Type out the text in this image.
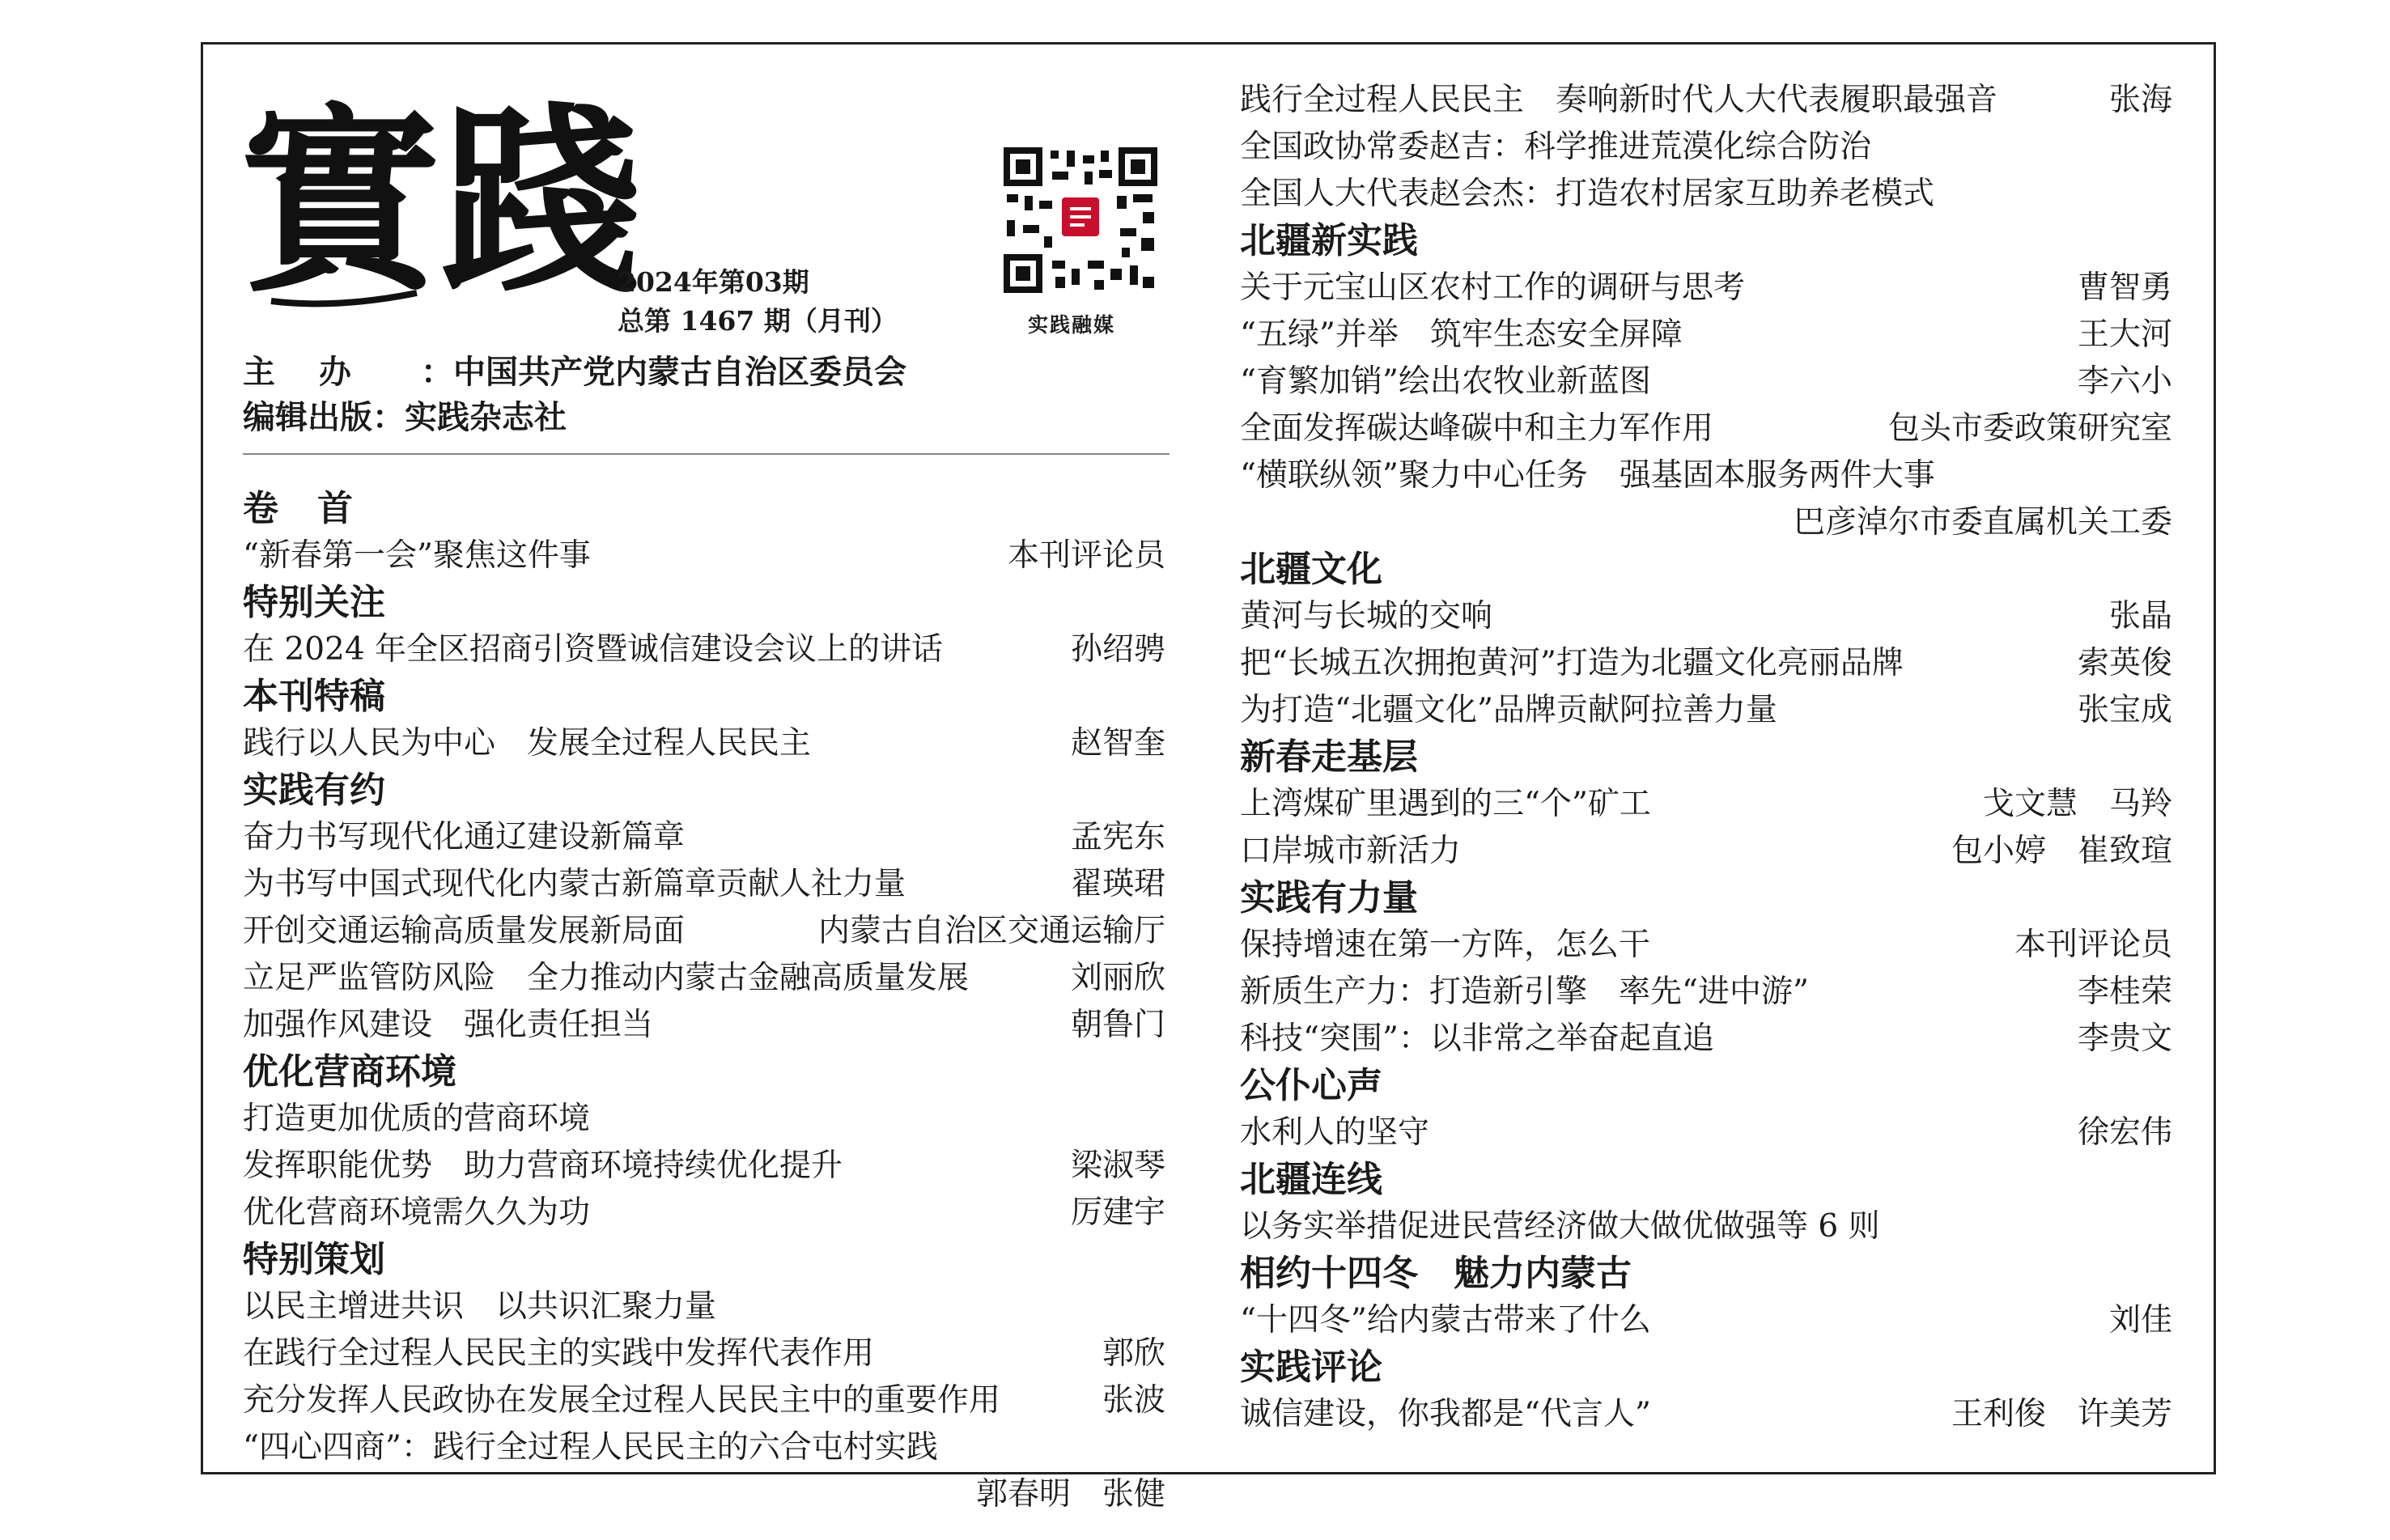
實踐
2024年第03期
总第 1467 期（月刊）	实践融媒
主办 ：中国共产党内蒙古自治区委员会
编辑出版：实践杂志社
卷首
“新春第一会”聚焦这件事	本刊评论员
特别关注
在 2024 年全区招商引资暨诚信建设会议上的讲话	孙绍骋
本刊特稿
践行以人民为中心　发展全过程人民民主	赵智奎
实践有约
奋力书写现代化通辽建设新篇章	孟宪东
为书写中国式现代化内蒙古新篇章贡献人社力量	翟瑛珺
开创交通运输高质量发展新局面	内蒙古自治区交通运输厅
立足严监管防风险　全力推动内蒙古金融高质量发展	刘丽欣
加强作风建设　强化责任担当	朝鲁门
优化营商环境
打造更加优质的营商环境
发挥职能优势　助力营商环境持续优化提升	梁淑琴
优化营商环境需久久为功	厉建宇
特别策划
以民主增进共识　以共识汇聚力量
在践行全过程人民民主的实践中发挥代表作用	郭欣
充分发挥人民政协在发展全过程人民民主中的重要作用	张波
“四心四商”：践行全过程人民民主的六合屯村实践
郭春明　张健
践行全过程人民民主　奏响新时代人大代表履职最强音	张海
全国政协常委赵吉：科学推进荒漠化综合防治
全国人大代表赵会杰：打造农村居家互助养老模式
北疆新实践
关于元宝山区农村工作的调研与思考	曹智勇
“五绿”并举　筑牢生态安全屏障	王大河
“育繁加销”绘出农牧业新蓝图	李六小
全面发挥碳达峰碳中和主力军作用	包头市委政策研究室
“横联纵领”聚力中心任务　强基固本服务两件大事
巴彦淖尔市委直属机关工委
北疆文化
黄河与长城的交响	张晶
把“长城五次拥抱黄河”打造为北疆文化亮丽品牌	索英俊
为打造“北疆文化”品牌贡献阿拉善力量	张宝成
新春走基层
上湾煤矿里遇到的三“个”矿工	戈文慧　马羚
口岸城市新活力	包小婷　崔致瑄
实践有力量
保持增速在第一方阵，怎么干	本刊评论员
新质生产力：打造新引擎　率先“进中游”	李桂荣
科技“突围”：以非常之举奋起直追	李贵文
公仆心声
水利人的坚守	徐宏伟
北疆连线
以务实举措促进民营经济做大做优做强等 6 则
相约十四冬　魅力内蒙古
“十四冬”给内蒙古带来了什么	刘佳
实践评论
诚信建设，你我都是“代言人”	王利俊　许美芳
